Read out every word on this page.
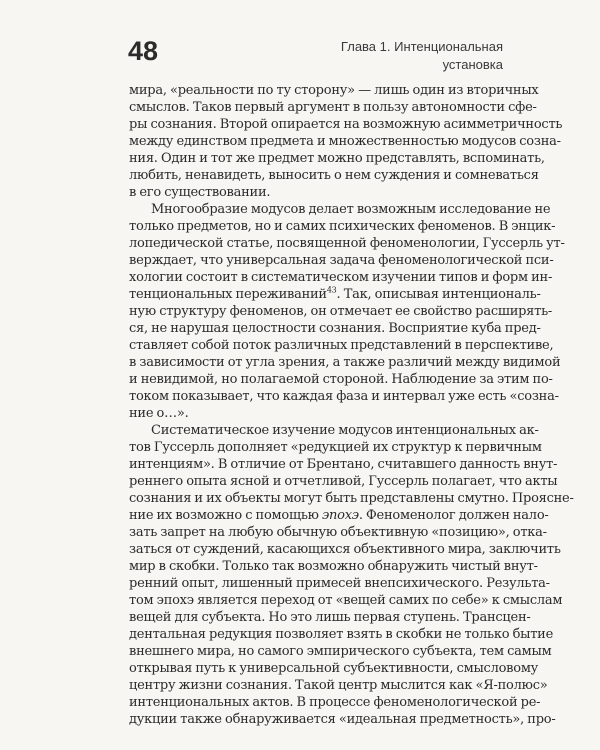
48	Глава 1. Интенциональная
установка
мира, «реальности по ту сторону» — лишь один из вторичных
смыслов. Таков первый аргумент в пользу автономности сфе-
ры сознания. Второй опирается на возможную асимметричность
между единством предмета и множественностью модусов созна-
ния. Один и тот же предмет можно представлять, вспоминать,
любить, ненавидеть, выносить о нем суждения и сомневаться
в его существовании.
Многообразие модусов делает возможным исследование не
только предметов, но и самих психических феноменов. В энцик-
лопедической статье, посвященной феноменологии, Гуссерль ут-
верждает, что универсальная задача феноменологической пси-
хологии состоит в систематическом изучении типов и форм ин-
тенциональных переживаний$^{43}$. Так, описывая интенциональ-
ную структуру феноменов, он отмечает ее свойство расширять-
ся, не нарушая целостности сознания. Восприятие куба пред-
ставляет собой поток различных представлений в перспективе,
в зависимости от угла зрения, а также различий между видимой
и невидимой, но полагаемой стороной. Наблюдение за этим по-
током показывает, что каждая фаза и интервал уже есть «созна-
ние о…».
Систематическое изучение модусов интенциональных ак-
тов Гуссерль дополняет «редукцией их структур к первичным
интенциям». В отличие от Брентано, считавшего данность внут-
реннего опыта ясной и отчетливой, Гуссерль полагает, что акты
сознания и их объекты могут быть представлены смутно. Проясне-
ние их возможно с помощью эпохэ. Феноменолог должен нало-
зать запрет на любую обычную объективную «позицию», отка-
заться от суждений, касающихся объективного мира, заключить
мир в скобки. Только так возможно обнаружить чистый внут-
ренний опыт, лишенный примесей внепсихического. Результа-
том эпохэ является переход от «вещей самих по себе» к смыслам
вещей для субъекта. Но это лишь первая ступень. Трансцен-
дентальная редукция позволяет взять в скобки не только бытие
внешнего мира, но самого эмпирического субъекта, тем самым
открывая путь к универсальной субъективности, смысловому
центру жизни сознания. Такой центр мыслится как «Я-полюс»
интенциональных актов. В процессе феноменологической ре-
дукции также обнаруживается «идеальная предметность», про-
